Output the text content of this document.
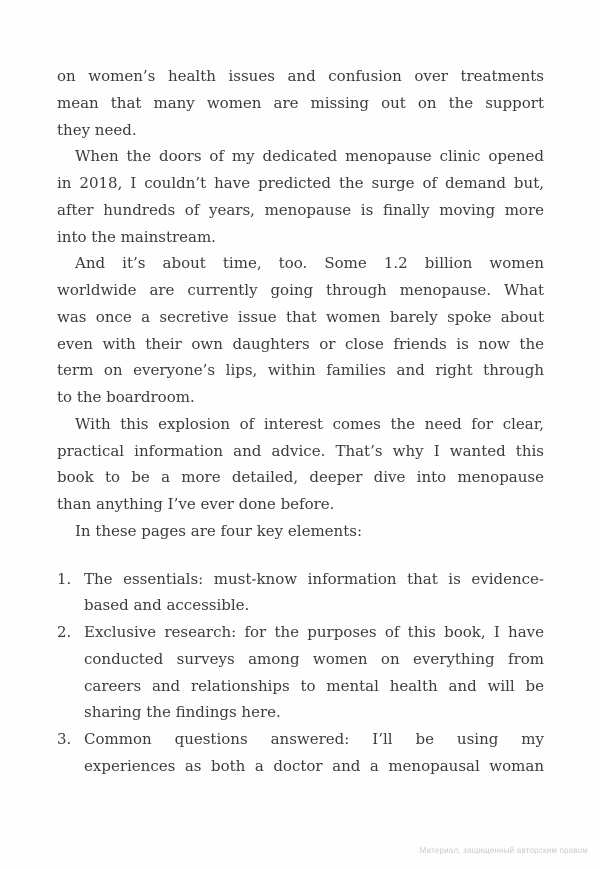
on women’s health issues and confusion over treatments
mean that many women are missing out on the support
they need.
When the doors of my dedicated menopause clinic opened
in 2018, I couldn’t have predicted the surge of demand but,
after hundreds of years, menopause is finally moving more
into the mainstream.
And it’s about time, too. Some 1.2 billion women
worldwide are currently going through menopause. What
was once a secretive issue that women barely spoke about
even with their own daughters or close friends is now the
term on everyone’s lips, within families and right through
to the boardroom.
With this explosion of interest comes the need for clear,
practical information and advice. That’s why I wanted this
book to be a more detailed, deeper dive into menopause
than anything I’ve ever done before.
In these pages are four key elements:
1. The essentials: must-know information that is evidence-
based and accessible.
2. Exclusive research: for the purposes of this book, I have
conducted surveys among women on everything from
careers and relationships to mental health and will be
sharing the findings here.
3. Common questions answered: I’ll be using my
experiences as both a doctor and a menopausal woman
Материал, защищенный авторским правом
